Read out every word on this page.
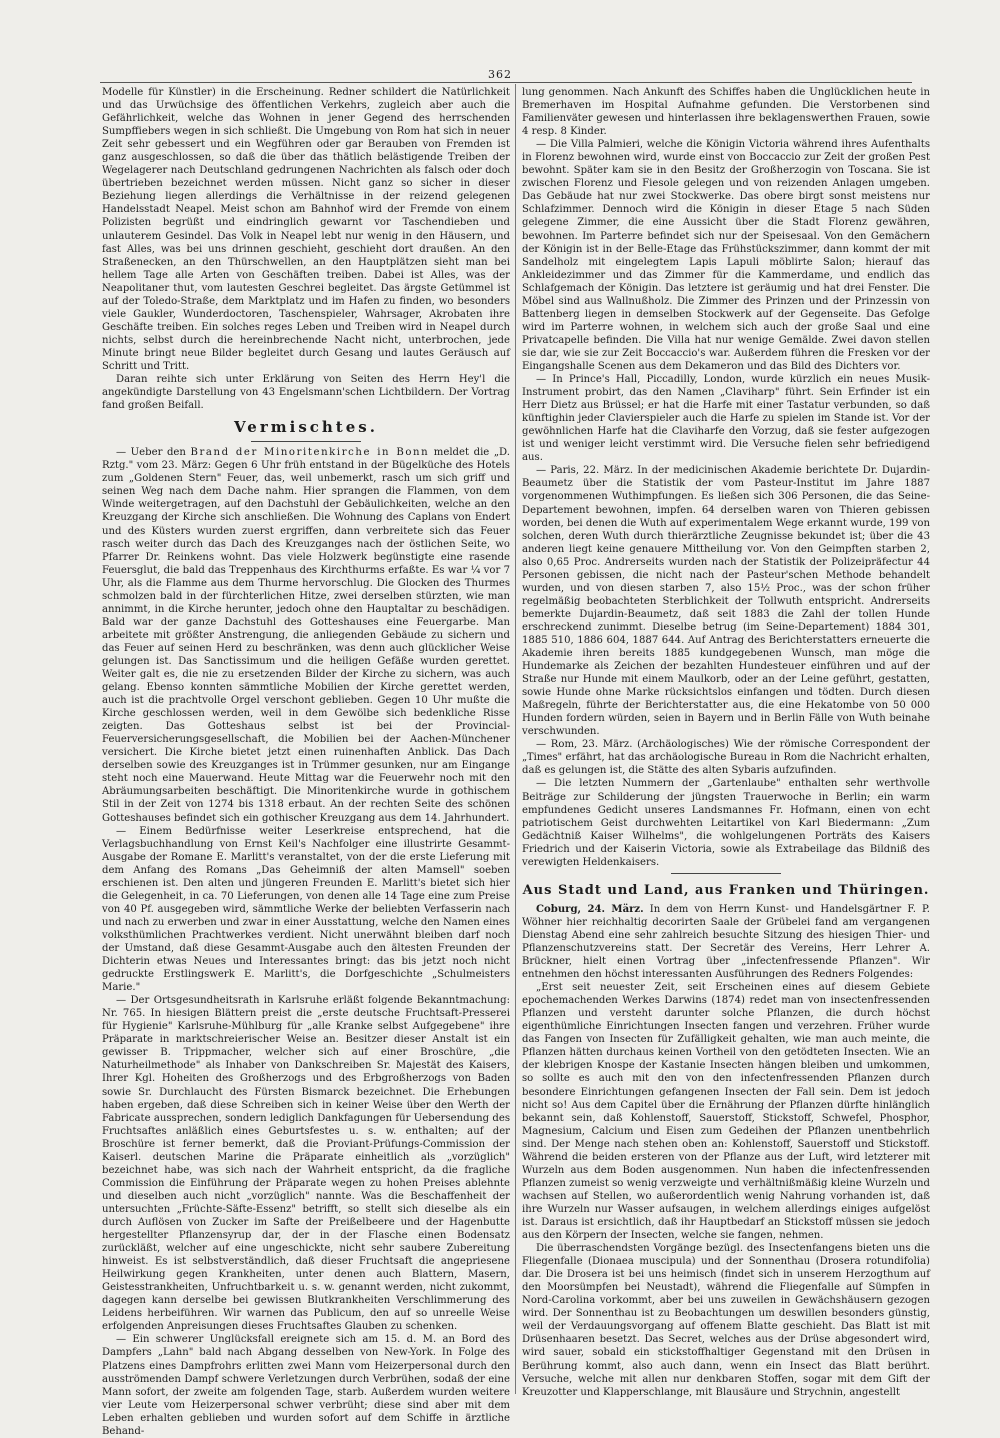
362

Modelle für Künstler) in die Erscheinung. Redner schildert die Natürlichkeit und das Urwüchsige des öffentlichen Verkehrs, zugleich aber auch die Gefährlichkeit, welche das Wohnen in jener Gegend des herrschenden Sumpffiebers wegen in sich schließt. Die Umgebung von Rom hat sich in neuer Zeit sehr gebessert und ein Wegführen oder gar Berauben von Fremden ist ganz ausgeschlossen, so daß die über das thätlich belästigende Treiben der Wegelagerer nach Deutschland gedrungenen Nachrichten als falsch oder doch übertrieben bezeichnet werden müssen. Nicht ganz so sicher in dieser Beziehung liegen allerdings die Verhältnisse in der reizend gelegenen Handelsstadt Neapel. Meist schon am Bahnhof wird der Fremde von einem Polizisten begrüßt und eindringlich gewarnt vor Taschendieben und unlauterem Gesindel. Das Volk in Neapel lebt nur wenig in den Häusern, und fast Alles, was bei uns drinnen geschieht, geschieht dort draußen. An den Straßenecken, an den Thürschwellen, an den Hauptplätzen sieht man bei hellem Tage alle Arten von Geschäften treiben. Dabei ist Alles, was der Neapolitaner thut, vom lautesten Geschrei begleitet. Das ärgste Getümmel ist auf der Toledo-Straße, dem Marktplatz und im Hafen zu finden, wo besonders viele Gaukler, Wunderdoctoren, Taschenspieler, Wahrsager, Akrobaten ihre Geschäfte treiben. Ein solches reges Leben und Treiben wird in Neapel durch nichts, selbst durch die hereinbrechende Nacht nicht, unterbrochen, jede Minute bringt neue Bilder begleitet durch Gesang und lautes Geräusch auf Schritt und Tritt.

Daran reihte sich unter Erklärung von Seiten des Herrn Hey'l die angekündigte Darstellung von 43 Engelsmann'schen Lichtbildern. Der Vortrag fand großen Beifall.

Vermischtes.

— Ueber den Brand der Minoritenkirche in Bonn meldet die „D. Rztg." vom 23. März: Gegen 6 Uhr früh entstand in der Bügelküche des Hotels zum „Goldenen Stern" Feuer, das, weil unbemerkt, rasch um sich griff und seinen Weg nach dem Dache nahm. Hier sprangen die Flammen, von dem Winde weitergetragen, auf den Dachstuhl der Gebäulichkeiten, welche an den Kreuzgang der Kirche sich anschließen. Die Wohnung des Caplans von Endert und des Küsters wurden zuerst ergriffen, dann verbreitete sich das Feuer rasch weiter durch das Dach des Kreuzganges nach der östlichen Seite, wo Pfarrer Dr. Reinkens wohnt. Das viele Holzwerk begünstigte eine rasende Feuersglut, die bald das Treppenhaus des Kirchthurms erfaßte. Es war ¼ vor 7 Uhr, als die Flamme aus dem Thurme hervorschlug. Die Glocken des Thurmes schmolzen bald in der fürchterlichen Hitze, zwei derselben stürzten, wie man annimmt, in die Kirche herunter, jedoch ohne den Hauptaltar zu beschädigen. Bald war der ganze Dachstuhl des Gotteshauses eine Feuergarbe. Man arbeitete mit größter Anstrengung, die anliegenden Gebäude zu sichern und das Feuer auf seinen Herd zu beschränken, was denn auch glücklicher Weise gelungen ist. Das Sanctissimum und die heiligen Gefäße wurden gerettet. Weiter galt es, die nie zu ersetzenden Bilder der Kirche zu sichern, was auch gelang. Ebenso konnten sämmtliche Mobilien der Kirche gerettet werden, auch ist die prachtvolle Orgel verschont geblieben. Gegen 10 Uhr mußte die Kirche geschlossen werden, weil in dem Gewölbe sich bedenkliche Risse zeigten. Das Gotteshaus selbst ist bei der Provincial-Feuerversicherungsgesellschaft, die Mobilien bei der Aachen-Münchener versichert. Die Kirche bietet jetzt einen ruinenhaften Anblick. Das Dach derselben sowie des Kreuzganges ist in Trümmer gesunken, nur am Eingange steht noch eine Mauerwand. Heute Mittag war die Feuerwehr noch mit den Abräumungsarbeiten beschäftigt. Die Minoritenkirche wurde in gothischem Stil in der Zeit von 1274 bis 1318 erbaut. An der rechten Seite des schönen Gotteshauses befindet sich ein gothischer Kreuzgang aus dem 14. Jahrhundert.

— Einem Bedürfnisse weiter Leserkreise entsprechend, hat die Verlagsbuchhandlung von Ernst Keil's Nachfolger eine illustrirte Gesammt-Ausgabe der Romane E. Marlitt's veranstaltet, von der die erste Lieferung mit dem Anfang des Romans „Das Geheimniß der alten Mamsell" soeben erschienen ist. Den alten und jüngeren Freunden E. Marlitt's bietet sich hier die Gelegenheit, in ca. 70 Lieferungen, von denen alle 14 Tage eine zum Preise von 40 Pf. ausgegeben wird, sämmtliche Werke der beliebten Verfasserin nach und nach zu erwerben und zwar in einer Ausstattung, welche den Namen eines volksthümlichen Prachtwerkes verdient. Nicht unerwähnt bleiben darf noch der Umstand, daß diese Gesammt-Ausgabe auch den ältesten Freunden der Dichterin etwas Neues und Interessantes bringt: das bis jetzt noch nicht gedruckte Erstlingswerk E. Marlitt's, die Dorfgeschichte „Schulmeisters Marie."

— Der Ortsgesundheitsrath in Karlsruhe erläßt folgende Bekanntmachung: Nr. 765. In hiesigen Blättern preist die „erste deutsche Fruchtsaft-Presserei für Hygienie" Karlsruhe-Mühlburg für „alle Kranke selbst Aufgegebene" ihre Präparate in marktschreierischer Weise an. Besitzer dieser Anstalt ist ein gewisser B. Trippmacher, welcher sich auf einer Broschüre, „die Naturheilmethode" als Inhaber von Dankschreiben Sr. Majestät des Kaisers, Ihrer Kgl. Hoheiten des Großherzogs und des Erbgroßherzogs von Baden sowie Sr. Durchlaucht des Fürsten Bismarck bezeichnet. Die Erhebungen haben ergeben, daß diese Schreiben sich in keiner Weise über den Werth der Fabricate aussprechen, sondern lediglich Dankfagungen für Uebersendung des Fruchtsaftes anläßlich eines Geburtsfestes u. s. w. enthalten; auf der Broschüre ist ferner bemerkt, daß die Proviant-Prüfungs-Commission der Kaiserl. deutschen Marine die Präparate einheitlich als „vorzüglich" bezeichnet habe, was sich nach der Wahrheit entspricht, da die fragliche Commission die Einführung der Präparate wegen zu hohen Preises ablehnte und dieselben auch nicht „vorzüglich" nannte. Was die Beschaffenheit der untersuchten „Früchte-Säfte-Essenz" betrifft, so stellt sich dieselbe als ein durch Auflösen von Zucker im Safte der Preißelbeere und der Hagenbutte hergestellter Pflanzensyrup dar, der in der Flasche einen Bodensatz zurückläßt, welcher auf eine ungeschickte, nicht sehr saubere Zubereitung hinweist. Es ist selbstverständlich, daß dieser Fruchtsaft die angepriesene Heilwirkung gegen Krankheiten, unter denen auch Blattern, Masern, Geistesstrankheiten, Unfruchtbarkeit u. s. w. genannt werden, nicht zukommt, dagegen kann derselbe bei gewissen Blutkrankheiten Verschlimmerung des Leidens herbeiführen. Wir warnen das Publicum, den auf so unreelle Weise erfolgenden Anpreisungen dieses Fruchtsaftes Glauben zu schenken.

— Ein schwerer Unglücksfall ereignete sich am 15. d. M. an Bord des Dampfers „Lahn" bald nach Abgang desselben von New-York. In Folge des Platzens eines Dampfrohrs erlitten zwei Mann vom Heizerpersonal durch den ausströmenden Dampf schwere Verletzungen durch Verbrühen, sodaß der eine Mann sofort, der zweite am folgenden Tage, starb. Außerdem wurden weitere vier Leute vom Heizerpersonal schwer verbrüht; diese sind aber mit dem Leben erhalten geblieben und wurden sofort auf dem Schiffe in ärztliche Behand-

lung genommen. Nach Ankunft des Schiffes haben die Unglücklichen heute in Bremerhaven im Hospital Aufnahme gefunden. Die Verstorbenen sind Familienväter gewesen und hinterlassen ihre beklagenswerthen Frauen, sowie 4 resp. 8 Kinder.

— Die Villa Palmieri, welche die Königin Victoria während ihres Aufenthalts in Florenz bewohnen wird, wurde einst von Boccaccio zur Zeit der großen Pest bewohnt. Später kam sie in den Besitz der Großherzogin von Toscana. Sie ist zwischen Florenz und Fiesole gelegen und von reizenden Anlagen umgeben. Das Gebäude hat nur zwei Stockwerke. Das obere birgt sonst meistens nur Schlafzimmer. Dennoch wird die Königin in dieser Etage 5 nach Süden gelegene Zimmer, die eine Aussicht über die Stadt Florenz gewähren, bewohnen. Im Parterre befindet sich nur der Speisesaal. Von den Gemächern der Königin ist in der Belle-Etage das Frühstückszimmer, dann kommt der mit Sandelholz mit eingelegtem Lapis Lapuli möblirte Salon; hierauf das Ankleidezimmer und das Zimmer für die Kammerdame, und endlich das Schlafgemach der Königin. Das letztere ist geräumig und hat drei Fenster. Die Möbel sind aus Wallnußholz. Die Zimmer des Prinzen und der Prinzessin von Battenberg liegen in demselben Stockwerk auf der Gegenseite. Das Gefolge wird im Parterre wohnen, in welchem sich auch der große Saal und eine Privatcapelle befinden. Die Villa hat nur wenige Gemälde. Zwei davon stellen sie dar, wie sie zur Zeit Boccaccio's war. Außerdem führen die Fresken vor der Eingangshalle Scenen aus dem Dekameron und das Bild des Dichters vor.

— In Prince's Hall, Piccadilly, London, wurde kürzlich ein neues Musik-Instrument probirt, das den Namen „Claviharp" führt. Sein Erfinder ist ein Herr Dietz aus Brüssel; er hat die Harfe mit einer Tastatur verbunden, so daß künftighin jeder Clavierspieler auch die Harfe zu spielen im Stande ist. Vor der gewöhnlichen Harfe hat die Claviharfe den Vorzug, daß sie fester aufgezogen ist und weniger leicht verstimmt wird. Die Versuche fielen sehr befriedigend aus.

— Paris, 22. März. In der medicinischen Akademie berichtete Dr. Dujardin-Beaumetz über die Statistik der vom Pasteur-Institut im Jahre 1887 vorgenommenen Wuthimpfungen. Es ließen sich 306 Personen, die das Seine-Departement bewohnen, impfen. 64 derselben waren von Thieren gebissen worden, bei denen die Wuth auf experimentalem Wege erkannt wurde, 199 von solchen, deren Wuth durch thierärztliche Zeugnisse bekundet ist; über die 43 anderen liegt keine genauere Mittheilung vor. Von den Geimpften starben 2, also 0,65 Proc. Andrerseits wurden nach der Statistik der Polizeipräfectur 44 Personen gebissen, die nicht nach der Pasteur'schen Methode behandelt wurden, und von diesen starben 7, also 15½ Proc., was der schon früher regelmäßig beobachteten Sterblichkeit der Tollwuth entspricht. Andrerseits bemerkte Dujardin-Beaumetz, daß seit 1883 die Zahl der tollen Hunde erschreckend zunimmt. Dieselbe betrug (im Seine-Departement) 1884 301, 1885 510, 1886 604, 1887 644. Auf Antrag des Berichterstatters erneuerte die Akademie ihren bereits 1885 kundgegebenen Wunsch, man möge die Hundemarke als Zeichen der bezahlten Hundesteuer einführen und auf der Straße nur Hunde mit einem Maulkorb, oder an der Leine geführt, gestatten, sowie Hunde ohne Marke rücksichtslos einfangen und tödten. Durch diesen Maßregeln, führte der Berichterstatter aus, die eine Hekatombe von 50 000 Hunden fordern würden, seien in Bayern und in Berlin Fälle von Wuth beinahe verschwunden.

— Rom, 23. März. (Archäologisches) Wie der römische Correspondent der „Times" erfährt, hat das archäologische Bureau in Rom die Nachricht erhalten, daß es gelungen ist, die Stätte des alten Sybaris aufzufinden.

— Die letzten Nummern der „Gartenlaube" enthalten sehr werthvolle Beiträge zur Schilderung der jüngsten Trauerwoche in Berlin; ein warm empfundenes Gedicht unseres Landsmannes Fr. Hofmann, einen von echt patriotischem Geist durchwehten Leitartikel von Karl Biedermann: „Zum Gedächtniß Kaiser Wilhelms", die wohlgelungenen Porträts des Kaisers Friedrich und der Kaiserin Victoria, sowie als Extrabeilage das Bildniß des verewigten Heldenkaisers.

Aus Stadt und Land, aus Franken und Thüringen.

Coburg, 24. März. In dem von Herrn Kunst- und Handelsgärtner F. P. Wöhner hier reichhaltig decorirten Saale der Grübelei fand am vergangenen Dienstag Abend eine sehr zahlreich besuchte Sitzung des hiesigen Thier- und Pflanzenschutzvereins statt. Der Secretär des Vereins, Herr Lehrer A. Brückner, hielt einen Vortrag über „infectenfressende Pflanzen". Wir entnehmen den höchst interessanten Ausführungen des Redners Folgendes:

„Erst seit neuester Zeit, seit Erscheinen eines auf diesem Gebiete epochemachenden Werkes Darwins (1874) redet man von insectenfressenden Pflanzen und versteht darunter solche Pflanzen, die durch höchst eigenthümliche Einrichtungen Insecten fangen und verzehren. Früher wurde das Fangen von Insecten für Zufälligkeit gehalten, wie man auch meinte, die Pflanzen hätten durchaus keinen Vortheil von den getödteten Insecten. Wie an der klebrigen Knospe der Kastanie Insecten hängen bleiben und umkommen, so sollte es auch mit den von den infectenfressenden Pflanzen durch besondere Einrichtungen gefangenen Insecten der Fall sein. Dem ist jedoch nicht so! Aus dem Capitel über die Ernährung der Pflanzen dürfte hinlänglich bekannt sein, daß Kohlenstoff, Sauerstoff, Stickstoff, Schwefel, Phosphor, Magnesium, Calcium und Eisen zum Gedeihen der Pflanzen unentbehrlich sind. Der Menge nach stehen oben an: Kohlenstoff, Sauerstoff und Stickstoff. Während die beiden ersteren von der Pflanze aus der Luft, wird letzterer mit Wurzeln aus dem Boden ausgenommen. Nun haben die infectenfressenden Pflanzen zumeist so wenig verzweigte und verhältnißmäßig kleine Wurzeln und wachsen auf Stellen, wo außerordentlich wenig Nahrung vorhanden ist, daß ihre Wurzeln nur Wasser aufsaugen, in welchem allerdings einiges aufgelöst ist. Daraus ist ersichtlich, daß ihr Hauptbedarf an Stickstoff müssen sie jedoch aus den Körpern der Insecten, welche sie fangen, nehmen.

Die überraschendsten Vorgänge bezügl. des Insectenfangens bieten uns die Fliegenfalle (Dionaea muscipula) und der Sonnenthau (Drosera rotundifolia) dar. Die Drosera ist bei uns heimisch (findet sich in unserem Herzogthum auf den Moorsümpfen bei Neustadt), während die Fliegenfalle auf Sümpfen in Nord-Carolina vorkommt, aber bei uns zuweilen in Gewächshäusern gezogen wird. Der Sonnenthau ist zu Beobachtungen um deswillen besonders günstig, weil der Verdauungsvorgang auf offenem Blatte geschieht. Das Blatt ist mit Drüsenhaaren besetzt. Das Secret, welches aus der Drüse abgesondert wird, wird sauer, sobald ein stickstoffhaltiger Gegenstand mit den Drüsen in Berührung kommt, also auch dann, wenn ein Insect das Blatt berührt. Versuche, welche mit allen nur denkbaren Stoffen, sogar mit dem Gift der Kreuzotter und Klapperschlange, mit Blausäure und Strychnin, angestellt
